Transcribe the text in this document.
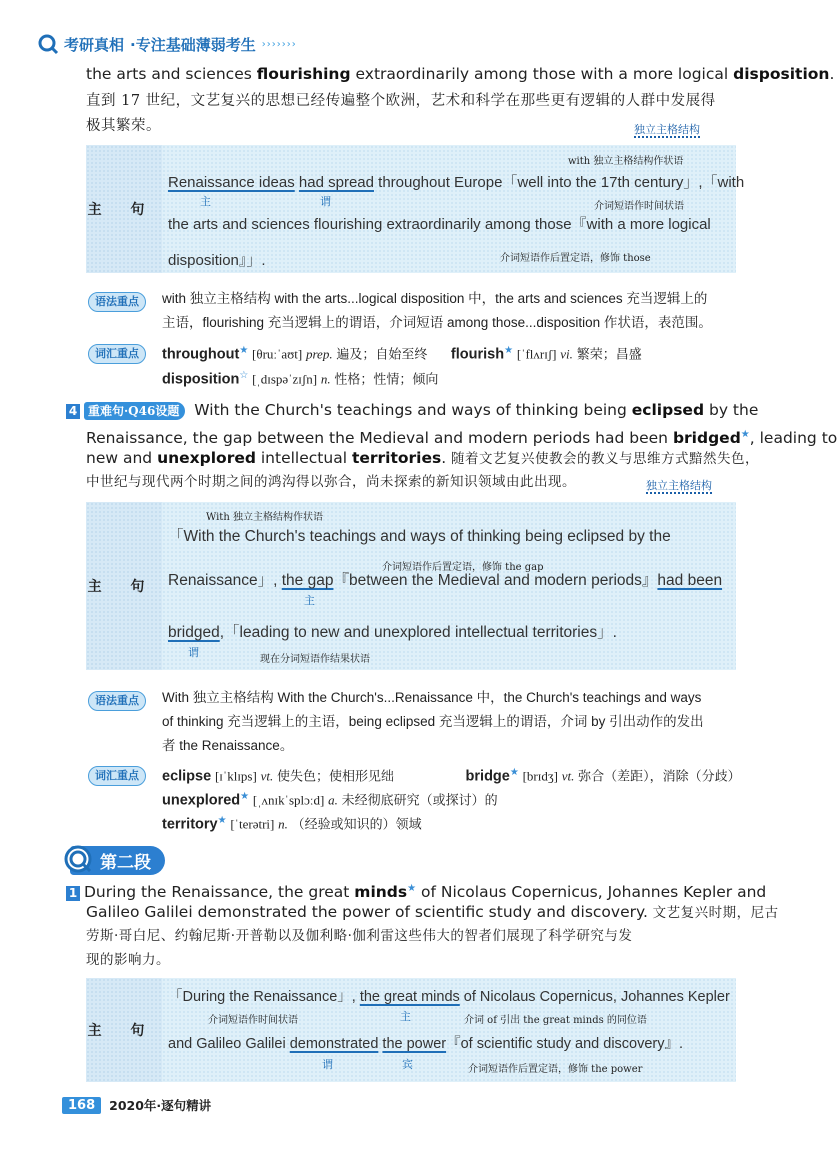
考研真相 ·专注基础薄弱考生 ›››››››
the arts and sciences flourishing extraordinarily among those with a more logical disposition.
直到 17 世纪，文艺复兴的思想已经传遍整个欧洲，艺术和科学在那些更有逻辑的人群中发展得
极其繁荣。	独立主格结构
主 句
with 独立主格结构作状语
Renaissance ideas had spread throughout Europe「well into the 17th century」,「with
主	谓	介词短语作时间状语
the arts and sciences flourishing extraordinarily among those『with a more logical
disposition』」.	介词短语作后置定语，修饰 those
语法重点	with 独立主格结构 with the arts...logical disposition 中，the arts and sciences 充当逻辑上的
主语，flourishing 充当逻辑上的谓语，介词短语 among those...disposition 作状语，表范围。
词汇重点	throughout★ [θruːˈaʊt] prep. 遍及；自始至终 flourish★ [ˈflʌrɪʃ] vi. 繁荣；昌盛
disposition☆ [ˌdɪspəˈzɪʃn] n. 性格；性情；倾向
4 重难句·Q46设题 With the Church's teachings and ways of thinking being eclipsed by the
Renaissance, the gap between the Medieval and modern periods had been bridged★, leading to
new and unexplored intellectual territories. 随着文艺复兴使教会的教义与思维方式黯然失色，
中世纪与现代两个时期之间的鸿沟得以弥合，尚未探索的新知识领域由此出现。	独立主格结构
主 句
With 独立主格结构作状语
「With the Church's teachings and ways of thinking being eclipsed by the
介词短语作后置定语，修饰 the gap
Renaissance」, the gap『between the Medieval and modern periods』had been
主
bridged,「leading to new and unexplored intellectual territories」.
谓
现在分词短语作结果状语
语法重点	With 独立主格结构 With the Church's...Renaissance 中，the Church's teachings and ways
of thinking 充当逻辑上的主语，being eclipsed 充当逻辑上的谓语，介词 by 引出动作的发出
者 the Renaissance。
词汇重点	eclipse [ɪˈklɪps] vt. 使失色；使相形见绌	bridge★ [brɪdʒ] vt. 弥合（差距），消除（分歧）
unexplored★ [ˌʌnɪkˈsplɔːd] a. 未经彻底研究（或探讨）的
territory★ [ˈterətri] n. （经验或知识的）领域
第二段
1 During the Renaissance, the great minds★ of Nicolaus Copernicus, Johannes Kepler and
Galileo Galilei demonstrated the power of scientific study and discovery. 文艺复兴时期，尼古
劳斯·哥白尼、约翰尼斯·开普勒以及伽利略·伽利雷这些伟大的智者们展现了科学研究与发
现的影响力。
主 句
「During the Renaissance」, the great minds of Nicolaus Copernicus, Johannes Kepler
介词短语作时间状语	主	介词 of 引出 the great minds 的同位语
and Galileo Galilei demonstrated the power『of scientific study and discovery』.
谓	宾	介词短语作后置定语，修饰 the power
168	2020年·逐句精讲
